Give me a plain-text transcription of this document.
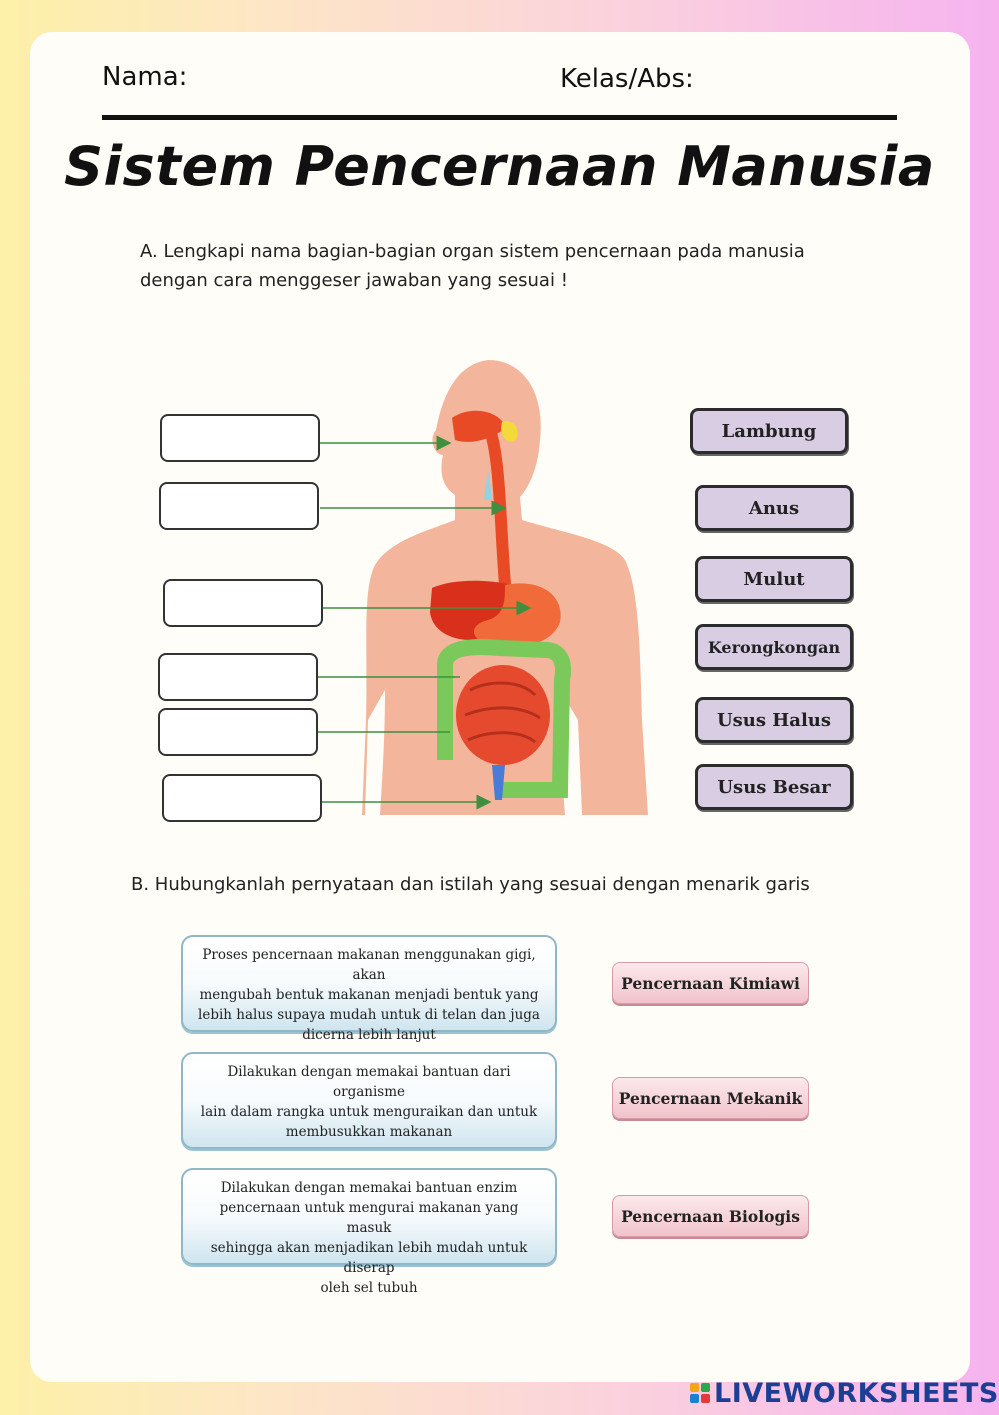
Nama:	Kelas/Abs:
Sistem Pencernaan Manusia
A. Lengkapi nama bagian-bagian organ sistem pencernaan pada manusia
dengan cara menggeser jawaban yang sesuai !
Lambung
Anus
Mulut
Kerongkongan
Usus Halus
Usus Besar
B. Hubungkanlah pernyataan dan istilah yang sesuai dengan menarik garis
Proses pencernaan makanan menggunakan gigi, akan
mengubah bentuk makanan menjadi bentuk yang
lebih halus supaya mudah untuk di telan dan juga
dicerna lebih lanjut
Dilakukan dengan memakai bantuan dari organisme
lain dalam rangka untuk menguraikan dan untuk
membusukkan makanan
Dilakukan dengan memakai bantuan enzim
pencernaan untuk mengurai makanan yang masuk
sehingga akan menjadikan lebih mudah untuk diserap
oleh sel tubuh
Pencernaan Kimiawi
Pencernaan Mekanik
Pencernaan Biologis
LIVEWORKSHEETS
